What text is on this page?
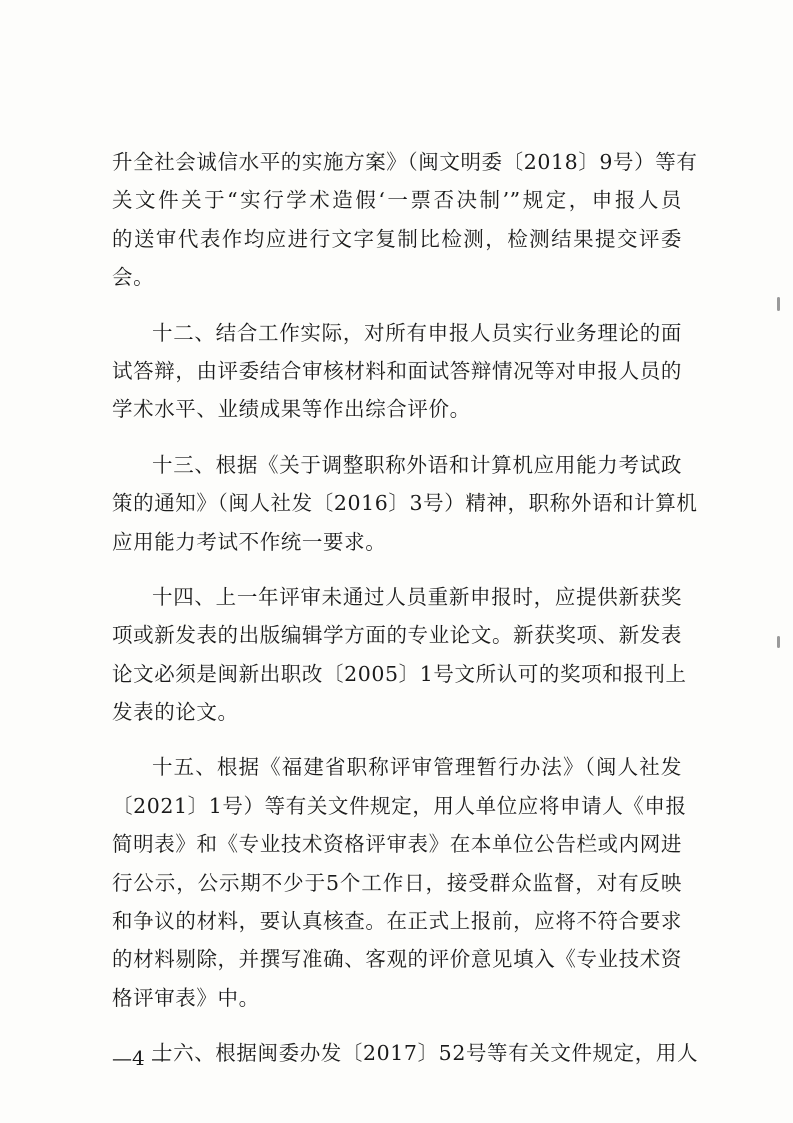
升全社会诚信水平的实施方案》（闽文明委〔2018〕9号）等有
关文件关于“实行学术造假‘一票否决制’”规定，申报人员
的送审代表作均应进行文字复制比检测，检测结果提交评委
会。
十二、结合工作实际，对所有申报人员实行业务理论的面
试答辩，由评委结合审核材料和面试答辩情况等对申报人员的
学术水平、业绩成果等作出综合评价。
十三、根据《关于调整职称外语和计算机应用能力考试政
策的通知》（闽人社发〔2016〕3号）精神，职称外语和计算机
应用能力考试不作统一要求。
十四、上一年评审未通过人员重新申报时，应提供新获奖
项或新发表的出版编辑学方面的专业论文。新获奖项、新发表
论文必须是闽新出职改〔2005〕1号文所认可的奖项和报刊上
发表的论文。
十五、根据《福建省职称评审管理暂行办法》（闽人社发
〔2021〕1号）等有关文件规定，用人单位应将申请人《申报
简明表》和《专业技术资格评审表》在本单位公告栏或内网进
行公示，公示期不少于5个工作日，接受群众监督，对有反映
和争议的材料，要认真核查。在正式上报前，应将不符合要求
的材料剔除，并撰写准确、客观的评价意见填入《专业技术资
格评审表》中。
十六、根据闽委办发〔2017〕52号等有关文件规定，用人
—4 —
